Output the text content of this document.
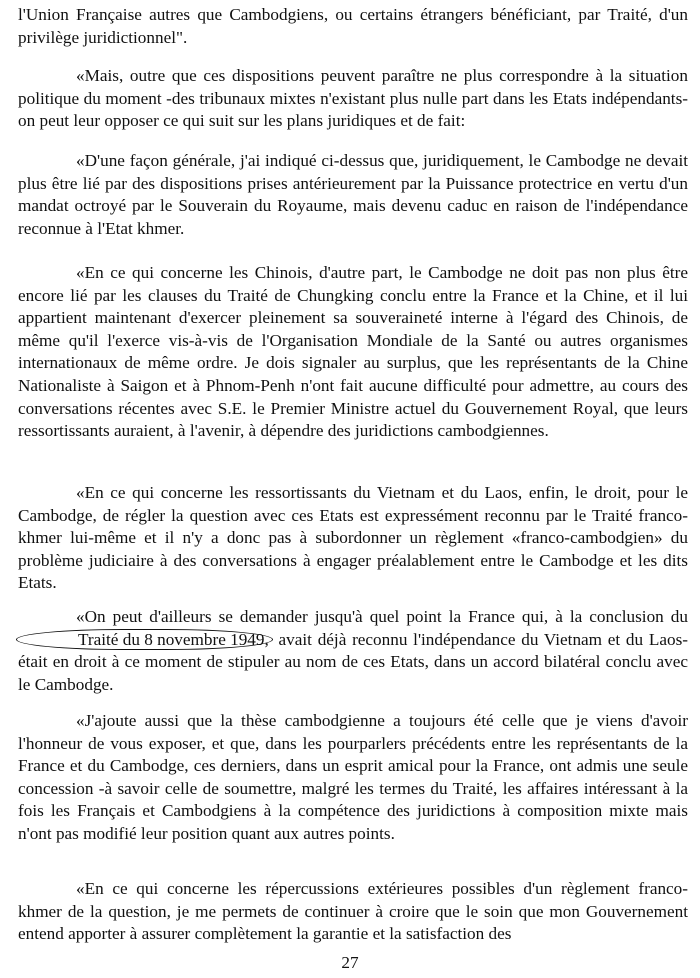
l'Union Française autres que Cambodgiens, ou certains étrangers bénéficiant, par Traité, d'un privilège juridictionnel".

«Mais, outre que ces dispositions peuvent paraître ne plus correspondre à la situation politique du moment -des tribunaux mixtes n'existant plus nulle part dans les Etats indépendants- on peut leur opposer ce qui suit sur les plans juridiques et de fait:

«D'une façon générale, j'ai indiqué ci-dessus que, juridiquement, le Cambodge ne devait plus être lié par des dispositions prises antérieurement par la Puissance protectrice en vertu d'un mandat octroyé par le Souverain du Royaume, mais devenu caduc en raison de l'indépendance reconnue à l'Etat khmer.

«En ce qui concerne les Chinois, d'autre part, le Cambodge ne doit pas non plus être encore lié par les clauses du Traité de Chungking conclu entre la France et la Chine, et il lui appartient maintenant d'exercer pleinement sa souveraineté interne à l'égard des Chinois, de même qu'il l'exerce vis-à-vis de l'Organisation Mondiale de la Santé ou autres organismes internationaux de même ordre. Je dois signaler au surplus, que les représentants de la Chine Nationaliste à Saigon et à Phnom-Penh n'ont fait aucune difficulté pour admettre, au cours des conversations récentes avec S.E. le Premier Ministre actuel du Gouvernement Royal, que leurs ressortissants auraient, à l'avenir, à dépendre des juridictions cambodgiennes.

«En ce qui concerne les ressortissants du Vietnam et du Laos, enfin, le droit, pour le Cambodge, de régler la question avec ces Etats est expressément reconnu par le Traité franco-khmer lui-même et il n'y a donc pas à subordonner un règlement «franco-cambodgien» du problème judiciaire à des conversations à engager préalablement entre le Cambodge et les dits Etats.

«On peut d'ailleurs se demander jusqu'à quel point la France qui, à la conclusion duTraité du 8 novembre 1949, avait déjà reconnu l'indépendance du Vietnam et du Laos- était en droit à ce moment de stipuler au nom de ces Etats, dans un accord bilatéral conclu avec le Cambodge.

«J'ajoute aussi que la thèse cambodgienne a toujours été celle que je viens d'avoir l'honneur de vous exposer, et que, dans les pourparlers précédents entre les représentants de la France et du Cambodge, ces derniers, dans un esprit amical pour la France, ont admis une seule concession -à savoir celle de soumettre, malgré les termes du Traité, les affaires intéressant à la fois les Français et Cambodgiens à la compétence des juridictions à composition mixte mais n'ont pas modifié leur position quant aux autres points.

«En ce qui concerne les répercussions extérieures possibles d'un règlement franco-khmer de la question, je me permets de continuer à croire que le soin que mon Gouvernement entend apporter à assurer complètement la garantie et la satisfaction des

27
